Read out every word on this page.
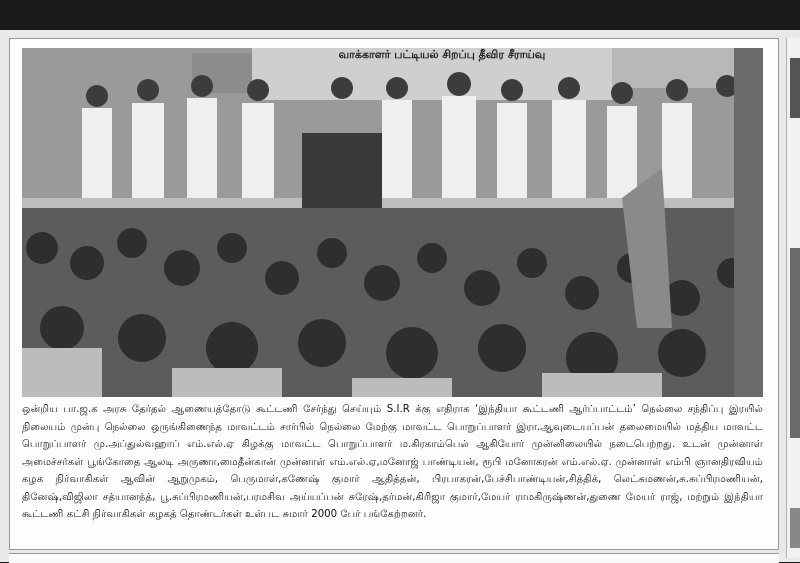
வாக்காளர் பட்டியல் சிறப்பு தீவிர சீராய்வு

ஒன்றிய பா.ஜ.க அரசு தேர்தல் ஆணையத்தோடு கூட்டணி சேர்ந்து செய்யும் S.I.R க்கு எதிராக ‘இந்தியா கூட்டணி ஆர்ப்பாட்டம்’ நெல்லை சந்திப்பு இரயில் நிலையம் முன்பு நெல்லை ஒருங்கிணைந்த மாவட்டம் சார்பில் நெல்லை மேற்கு மாவட்ட பொறுப்பாளர் இரா.ஆவுடையப்பன் தலைமையில் மத்திய மாவட்ட பொறுப்பாளர் மு.அப்துல்வஹாப் எம்.எல்.ஏ கிழக்கு மாவட்ட பொறுப்பாளர் ம.கிரகாம்பெல் ஆகியோர் முன்னிலையில் நடைபெற்றது. உடன் முன்னாள் அமைச்சர்கள் பூங்கோதை ஆலடி அருணா,மைதீன்கான் முன்னாள் எம்.எல்.ஏ,மனோஜ் பாண்டியன், ரூபி மனோகரன் எம்.எல்.ஏ. முன்னாள் எம்பி ஞானதிரவியம் கழக நிர்வாகிகள் ஆவின் ஆறுமுகம், பெருமாள்,கணேஷ் குமார் ஆதித்தன், பிரபாகரன்,பேச்சிபாண்டியன்,சித்திக், லெட்சுமணன்,சு.சுப்பிரமணியன், தினேஷ்,விஜிலா சத்யானந்த், பூ.சுப்பிரமணியன்,பரமசிவ அய்யப்பன் சுரேஷ்,தர்மன்,கிரிஜா குமார்,மேயர் ராமகிருஷ்ணன்,துணை மேயர் ராஜ், மற்றும் இந்தியா கூட்டணி கட்சி நிர்வாகிகள் கழகத் தொண்டர்கள் உள்பட சுமார் 2000 பேர் பங்கேற்றனர்.
